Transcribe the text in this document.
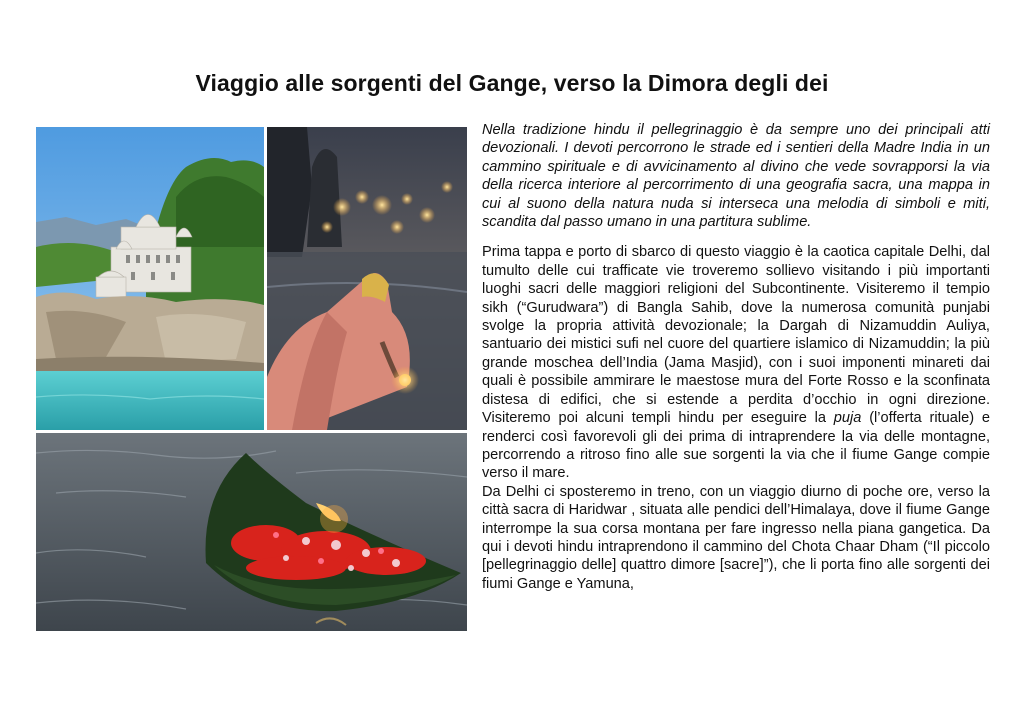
Viaggio alle sorgenti del Gange, verso la Dimora degli dei

Nella tradizione hindu il pellegrinaggio è da sempre uno dei principali atti devozionali. I devoti percorrono le strade ed i sentieri della Madre India in un cammino spirituale e di avvicinamento al divino che vede sovrapporsi la via della ricerca interiore al percorrimento di una geografia sacra, una mappa in cui al suono della natura nuda si interseca una melodia di simboli e miti, scandita dal passo umano in una partitura sublime.

Prima tappa e porto di sbarco di questo viaggio è la caotica capitale Delhi, dal tumulto delle cui trafficate vie troveremo sollievo visitando i più importanti luoghi sacri delle maggiori religioni del Subcontinente. Visiteremo il tempio sikh (“Gurudwara”) di Bangla Sahib, dove la numerosa comunità punjabi svolge la propria attività devozionale; la Dargah di Nizamuddin Auliya, santuario dei mistici sufi nel cuore del quartiere islamico di Nizamuddin; la più grande moschea dell’India (Jama Masjid), con i suoi imponenti minareti dai quali è possibile ammirare le maestose mura del Forte Rosso e la sconfinata distesa di edifici, che si estende a perdita d’occhio in ogni direzione. Visiteremo poi alcuni templi hindu per eseguire la puja (l’offerta rituale) e renderci così favorevoli gli dei prima di intraprendere la via delle montagne, percorrendo a ritroso fino alle sue sorgenti la via che il fiume Gange compie verso il mare.

Da Delhi ci sposteremo in treno, con un viaggio diurno di poche ore, verso la città sacra di Haridwar , situata alle pendici dell’Himalaya, dove il fiume Gange interrompe la sua corsa montana per fare ingresso nella piana gangetica. Da qui i devoti hindu intraprendono il cammino del Chota Chaar Dham (“Il piccolo [pellegrinaggio delle] quattro dimore [sacre]”), che li porta fino alle sorgenti dei fiumi Gange e Yamuna,
